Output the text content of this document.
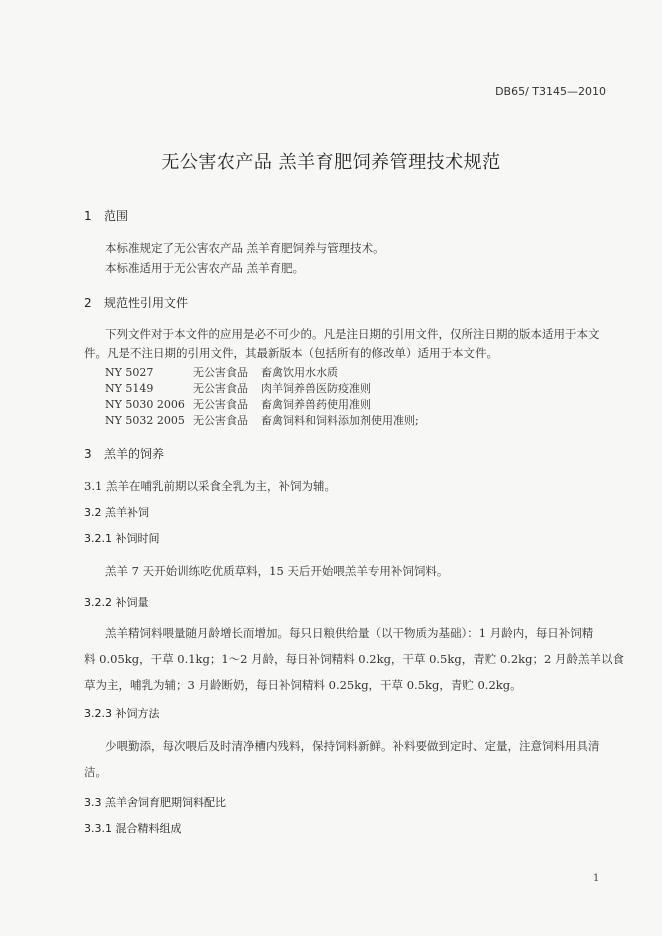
DB65/ T3145—2010
无公害农产品 羔羊育肥饲养管理技术规范
1 范围
本标准规定了无公害农产品 羔羊育肥饲养与管理技术。
本标准适用于无公害农产品 羔羊育肥。
2 规范性引用文件
下列文件对于本文件的应用是必不可少的。凡是注日期的引用文件，仅所注日期的版本适用于本文
件。凡是不注日期的引用文件，其最新版本（包括所有的修改单）适用于本文件。
NY 5027	无公害食品 畜禽饮用水水质
NY 5149	无公害食品 肉羊饲养兽医防疫准则
NY 5030 2006 无公害食品 畜禽饲养兽药使用准则
NY 5032 2005 无公害食品 畜禽饲料和饲料添加剂使用准则;
3 羔羊的饲养
3.1 羔羊在哺乳前期以采食全乳为主，补饲为辅。
3.2 羔羊补饲
3.2.1 补饲时间
羔羊 7 天开始训练吃优质草料，15 天后开始喂羔羊专用补饲饲料。
3.2.2 补饲量
羔羊精饲料喂量随月龄增长而增加。每只日粮供给量（以干物质为基础）：1 月龄内，每日补饲精
料 0.05kg，干草 0.1kg；1～2 月龄，每日补饲精料 0.2kg，干草 0.5kg，青贮 0.2kg；2 月龄羔羊以食
草为主，哺乳为辅；3 月龄断奶，每日补饲精料 0.25kg，干草 0.5kg，青贮 0.2kg。
3.2.3 补饲方法
少喂勤添，每次喂后及时清净槽内残料，保持饲料新鲜。补料要做到定时、定量，注意饲料用具清
洁。
3.3 羔羊舍饲育肥期饲料配比
3.3.1 混合精料组成
1
